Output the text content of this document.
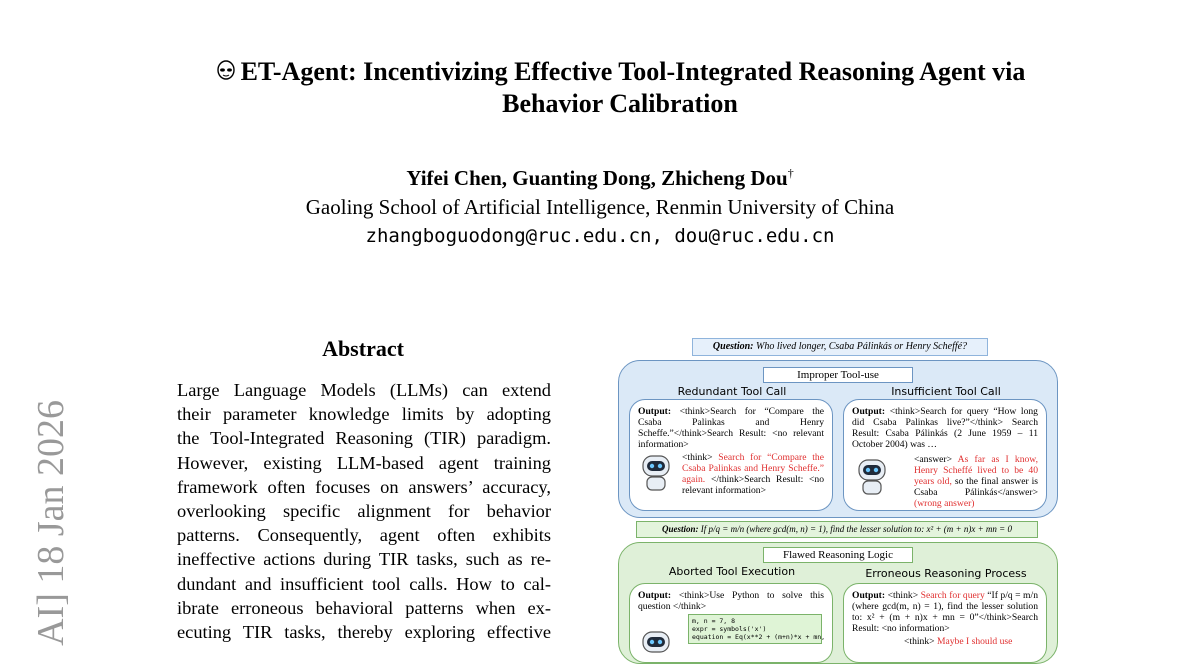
ET-Agent: Incentivizing Effective Tool-Integrated Reasoning Agent via
Behavior Calibration
Yifei Chen, Guanting Dong, Zhicheng Dou†
Gaoling School of Artificial Intelligence, Renmin University of China
zhangboguodong@ruc.edu.cn, dou@ruc.edu.cn
AI] 18 Jan 2026
Abstract
Large Language Models (LLMs) can extend
their parameter knowledge limits by adopting
the Tool-Integrated Reasoning (TIR) paradigm.
However, existing LLM-based agent training
framework often focuses on answers’ accuracy,
overlooking specific alignment for behavior
patterns. Consequently, agent often exhibits
ineffective actions during TIR tasks, such as re-
dundant and insufficient tool calls. How to cal-
ibrate erroneous behavioral patterns when ex-
ecuting TIR tasks, thereby exploring effective
Question: Who lived longer, Csaba Pálinkás or Henry Scheffé?
Improper Tool-use
Redundant Tool Call	Insufficient Tool Call
Output: <think>Search for “Compare the Csaba Palinkas and Henry Scheffe.”</think>Search Result: <no relevant information>
<think> Search for “Compare the Csaba Palinkas and Henry Scheffe.” again. </think>Search Result: <no relevant information>
Output: <think>Search for query “How long did Csaba Palinkas live?”</think> Search Result: Csaba Pálinkás (2 June 1959 – 11 October 2004) was …
<answer> As far as I know, Henry Scheffé lived to be 40 years old, so the final answer is Csaba Pálinkás</answer> (wrong answer)
Question: If p/q = m/n (where gcd(m, n) = 1), find the lesser solution to: x² + (m + n)x + mn = 0
Flawed Reasoning Logic
Aborted Tool Execution	Erroneous Reasoning Process
Output: <think>Use Python to solve this question </think>
m, n = 7, 8
expr = symbols('x')
equation = Eq(x**2 + (m+n)*x + mn,
Output: <think> Search for query “If p/q = m/n (where gcd(m, n) = 1), find the lesser solution to: x² + (m + n)x + mn = 0”</think>Search Result: <no information>
<think> Maybe I should use
